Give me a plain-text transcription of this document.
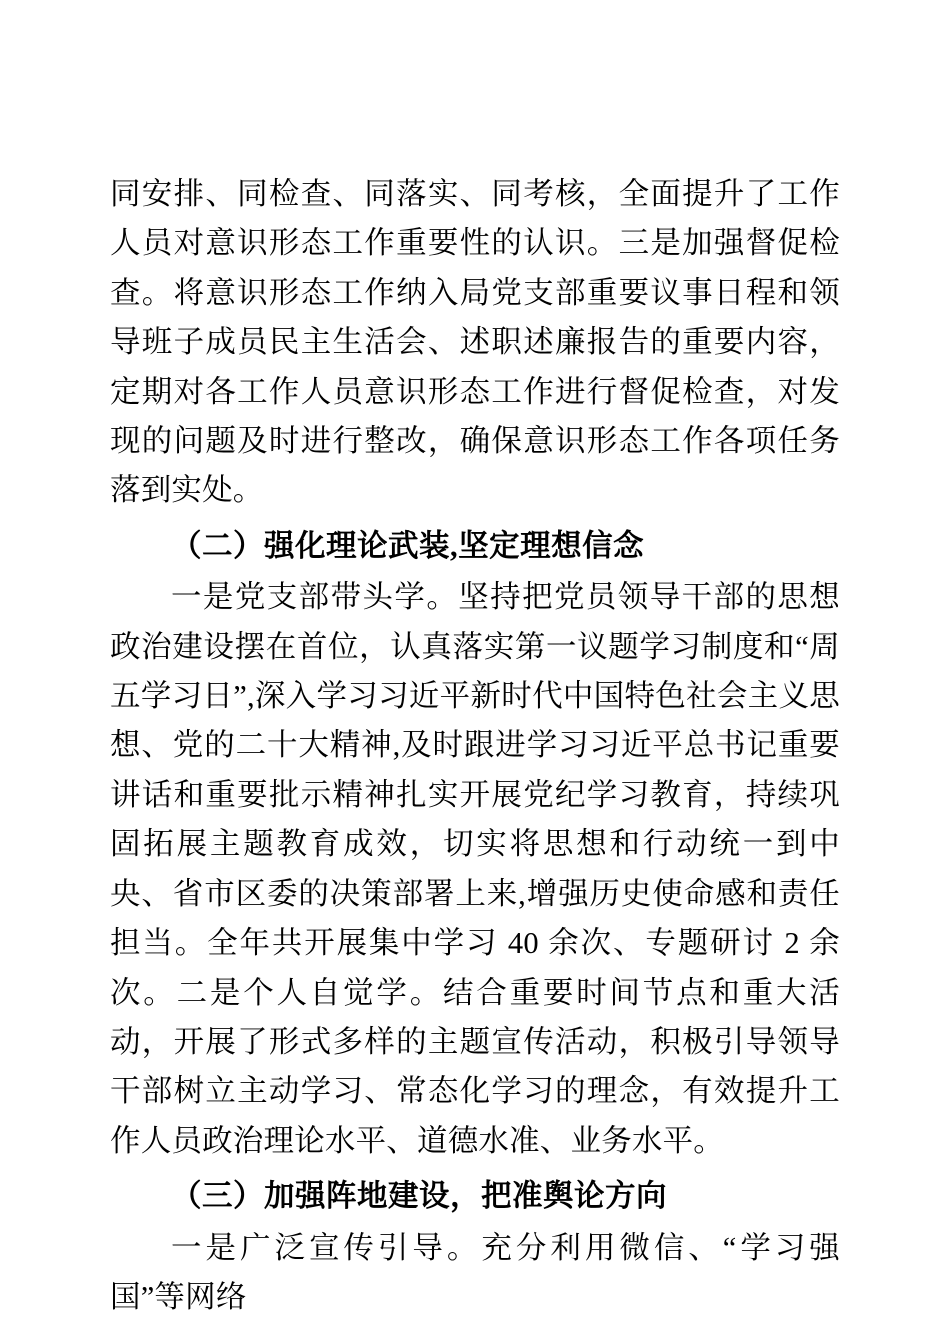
同安排、同检查、同落实、同考核，全面提升了工作人员对意识形态工作重要性的认识。三是加强督促检查。将意识形态工作纳入局党支部重要议事日程和领导班子成员民主生活会、述职述廉报告的重要内容，定期对各工作人员意识形态工作进行督促检查，对发现的问题及时进行整改，确保意识形态工作各项任务落到实处。

（二）强化理论武装,坚定理想信念

一是党支部带头学。坚持把党员领导干部的思想政治建设摆在首位，认真落实第一议题学习制度和“周五学习日”,深入学习习近平新时代中国特色社会主义思想、党的二十大精神,及时跟进学习习近平总书记重要讲话和重要批示精神扎实开展党纪学习教育，持续巩固拓展主题教育成效，切实将思想和行动统一到中央、省市区委的决策部署上来,增强历史使命感和责任担当。全年共开展集中学习 40 余次、专题研讨 2 余次。二是个人自觉学。结合重要时间节点和重大活动，开展了形式多样的主题宣传活动，积极引导领导干部树立主动学习、常态化学习的理念，有效提升工作人员政治理论水平、道德水准、业务水平。

（三）加强阵地建设，把准舆论方向

一是广泛宣传引导。充分利用微信、“学习强国”等网络
